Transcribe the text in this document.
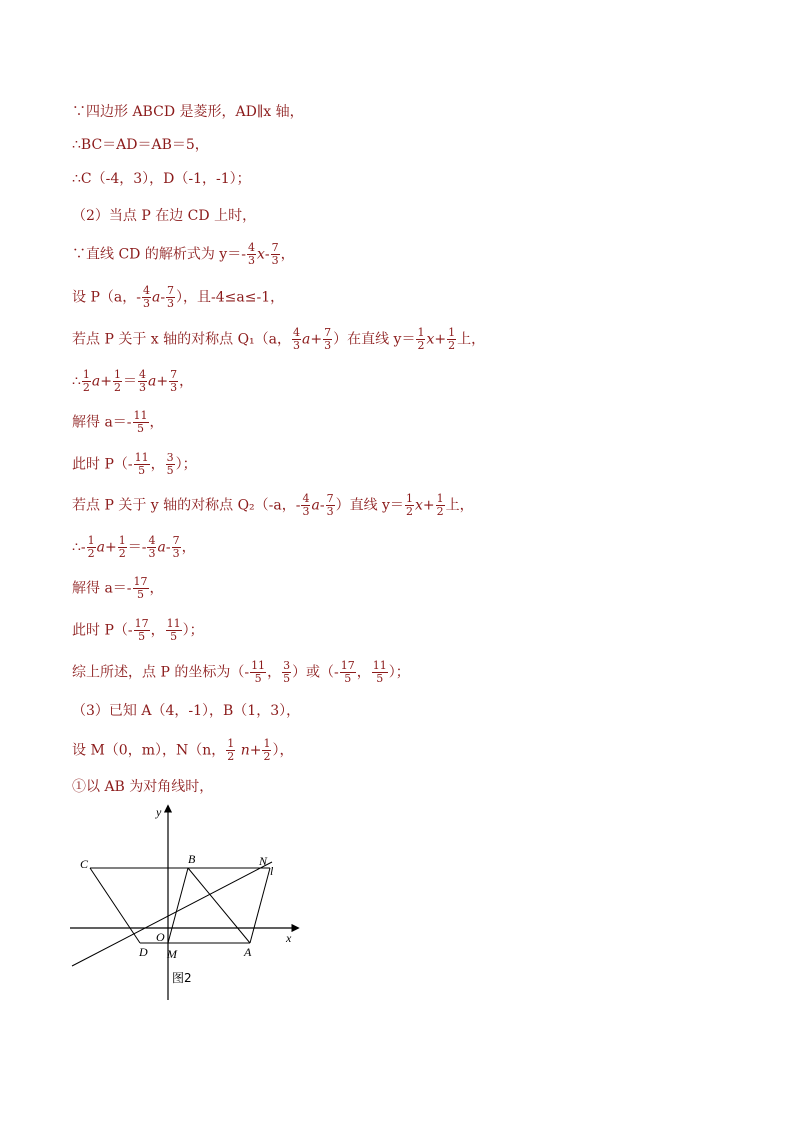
∵四边形 ABCD 是菱形，AD∥x 轴，
∴BC＝AD＝AB＝5，
∴C（-4，3），D（-1，-1）；
（2）当点 P 在边 CD 上时，
∵直线 CD 的解析式为 $y=- \frac{4}{3} x- \frac{7}{3}$ ，
设 P（a，- $\frac{4}{3} a- \frac{7}{3}$ ），且-4≤a≤-1，
若点 P 关于 x 轴的对称点 Q₁（a， $\frac{4}{3} a+ \frac{7}{3}$ ）在直线 $y= \frac{1}{2} x+ \frac{1}{2}$ 上，
∴ $\frac{1}{2} a+ \frac{1}{2} = \frac{4}{3} a+ \frac{7}{3}$ ，
解得 $a=- \frac{11}{5}$ ，
此时 $P(- \frac{11}{5}$ ， $\frac{3}{5}$ ）；
若点 P 关于 y 轴的对称点 Q₂（-a，- $\frac{4}{3} a- \frac{7}{3}$ ）直线 $y= \frac{1}{2} x+ \frac{1}{2}$ 上，
∴- $\frac{1}{2} a+ \frac{1}{2} =- \frac{4}{3} a- \frac{7}{3}$ ，
解得 $a=- \frac{17}{5}$ ，
此时 $P(- \frac{17}{5}$ ， $\frac{11}{5}$ ）；
综上所述，点 P 的坐标为（- $\frac{11}{5}$ ， $\frac{3}{5}$ ）或（- $\frac{17}{5}$ ， $\frac{11}{5}$ ）；
（3）已知 A（4，-1），B（1，3），
设 M（0，m），N（n， $\frac{1}{2} n+ \frac{1}{2}$ ），
①以 AB 为对角线时，
C	B	N
l
O
D M	A
x
y
图2
